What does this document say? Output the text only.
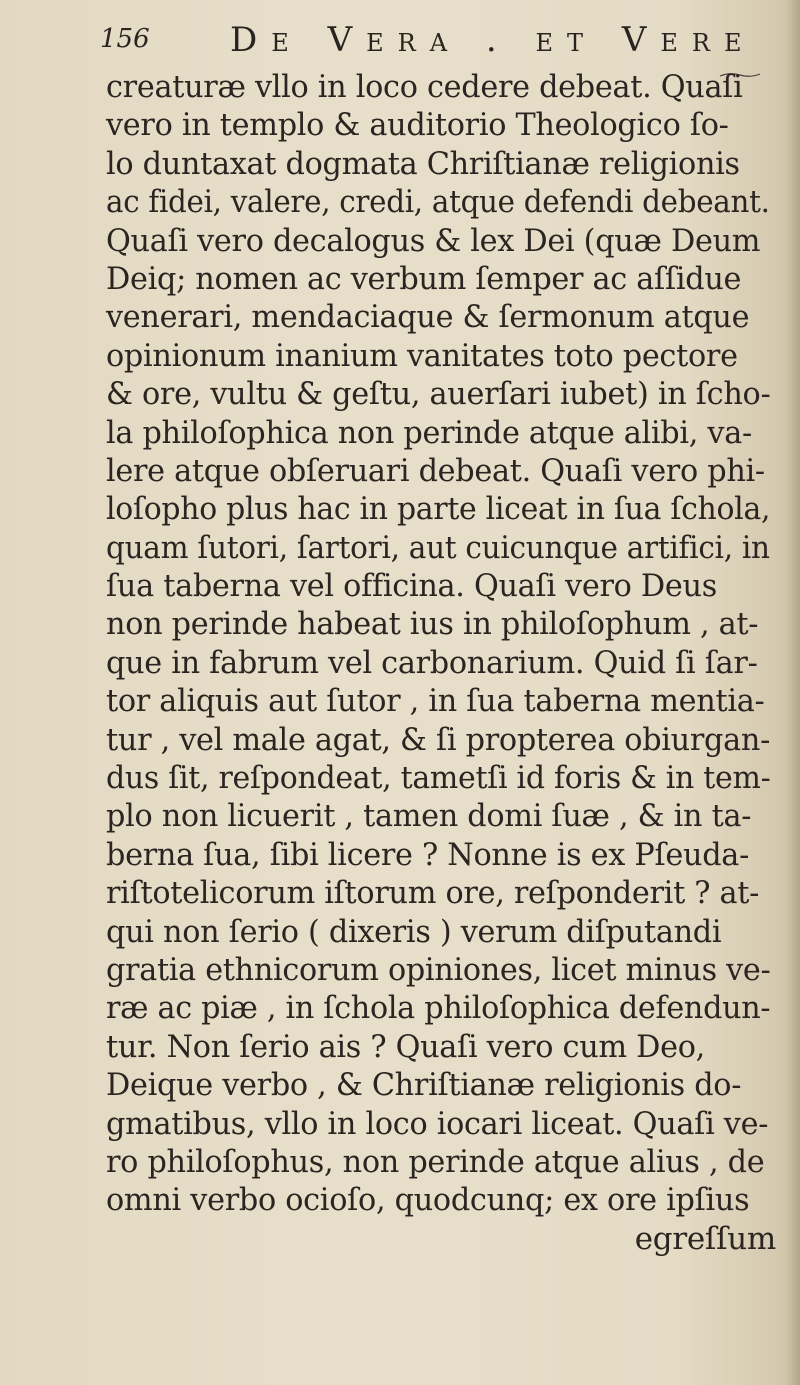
156 De Vera . et Vere
creaturæ vllo in loco cedere debeat. Quaſi
vero in templo & auditorio Theologico ſo-
lo duntaxat dogmata Chriſtianæ religionis
ac fidei, valere, credi, atque defendi debeant.
Quaſi vero decalogus & lex Dei (quæ Deum
Deiq; nomen ac verbum ſemper ac aſſidue
venerari, mendaciaque & ſermonum atque
opinionum inanium vanitates toto pectore
& ore, vultu & geſtu, auerſari iubet) in ſcho-
la philoſophica non perinde atque alibi, va-
lere atque obſeruari debeat. Quaſi vero phi-
loſopho plus hac in parte liceat in ſua ſchola,
quam ſutori, ſartori, aut cuicunque artifici, in
ſua taberna vel officina. Quaſi vero Deus
non perinde habeat ius in philoſophum , at-
que in fabrum vel carbonarium. Quid ſi ſar-
tor aliquis aut ſutor , in ſua taberna mentia-
tur , vel male agat, & ſi propterea obiurgan-
dus ſit, reſpondeat, tametſi id foris & in tem-
plo non licuerit , tamen domi ſuæ , & in ta-
berna ſua, ſibi licere ? Nonne is ex Pſeuda-
riſtotelicorum iſtorum ore, reſponderit ? at-
qui non ſerio ( dixeris ) verum diſputandi
gratia ethnicorum opiniones, licet minus ve-
ræ ac piæ , in ſchola philoſophica defendun-
tur. Non ſerio ais ? Quaſi vero cum Deo,
Deique verbo , & Chriſtianæ religionis do-
gmatibus, vllo in loco iocari liceat. Quaſi ve-
ro philoſophus, non perinde atque alius , de
omni verbo ocioſo, quodcunq; ex ore ipſius
egreſſum
